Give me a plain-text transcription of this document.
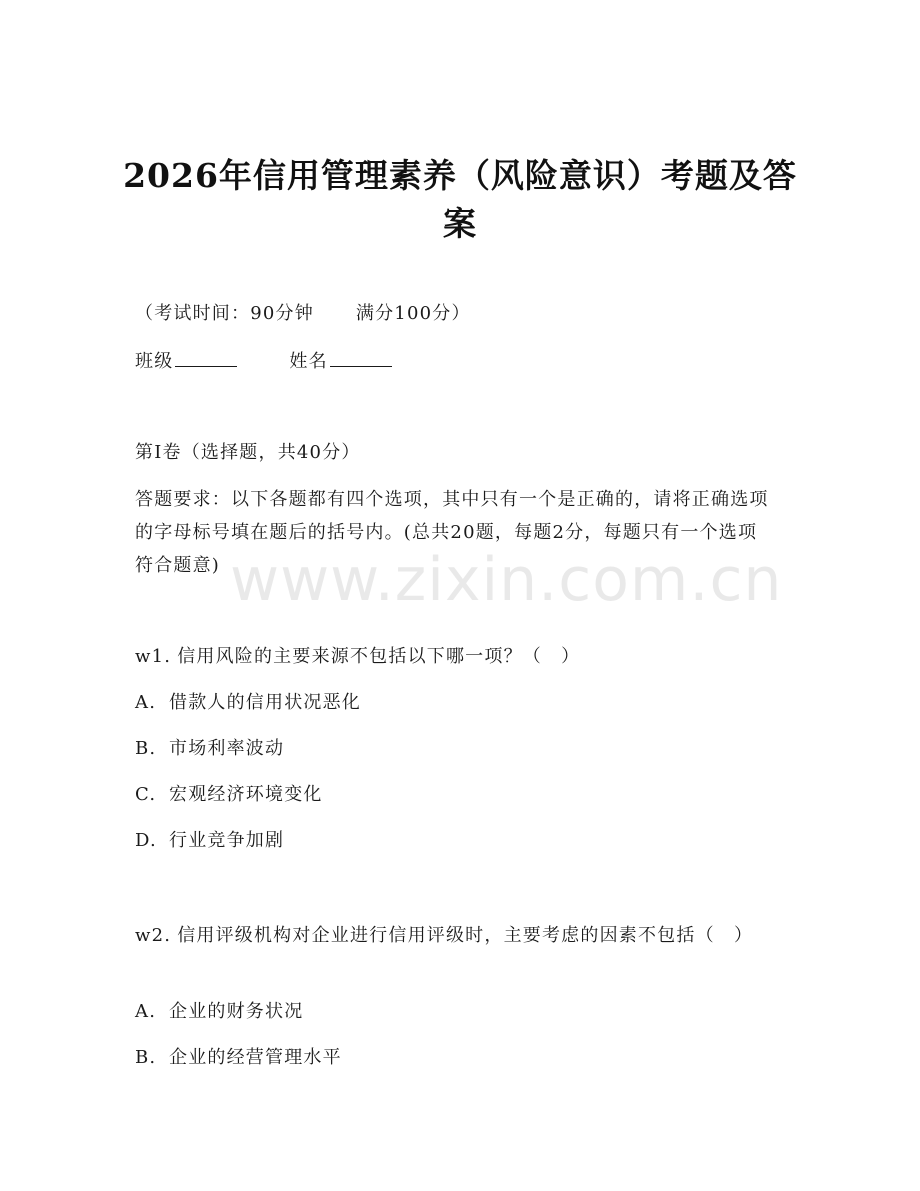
2026年信用管理素养（风险意识）考题及答案
（考试时间：90分钟 满分100分）
班级	姓名
第Ⅰ卷（选择题，共40分）
答题要求：以下各题都有四个选项，其中只有一个是正确的，请将正确选项的字母标号填在题后的括号内。(总共20题，每题2分，每题只有一个选项符合题意)
w1. 信用风险的主要来源不包括以下哪一项？（　）
A. 借款人的信用状况恶化
B. 市场利率波动
C. 宏观经济环境变化
D. 行业竞争加剧
w2. 信用评级机构对企业进行信用评级时，主要考虑的因素不包括（　）
A. 企业的财务状况
B. 企业的经营管理水平
www.zixin.com.cn
